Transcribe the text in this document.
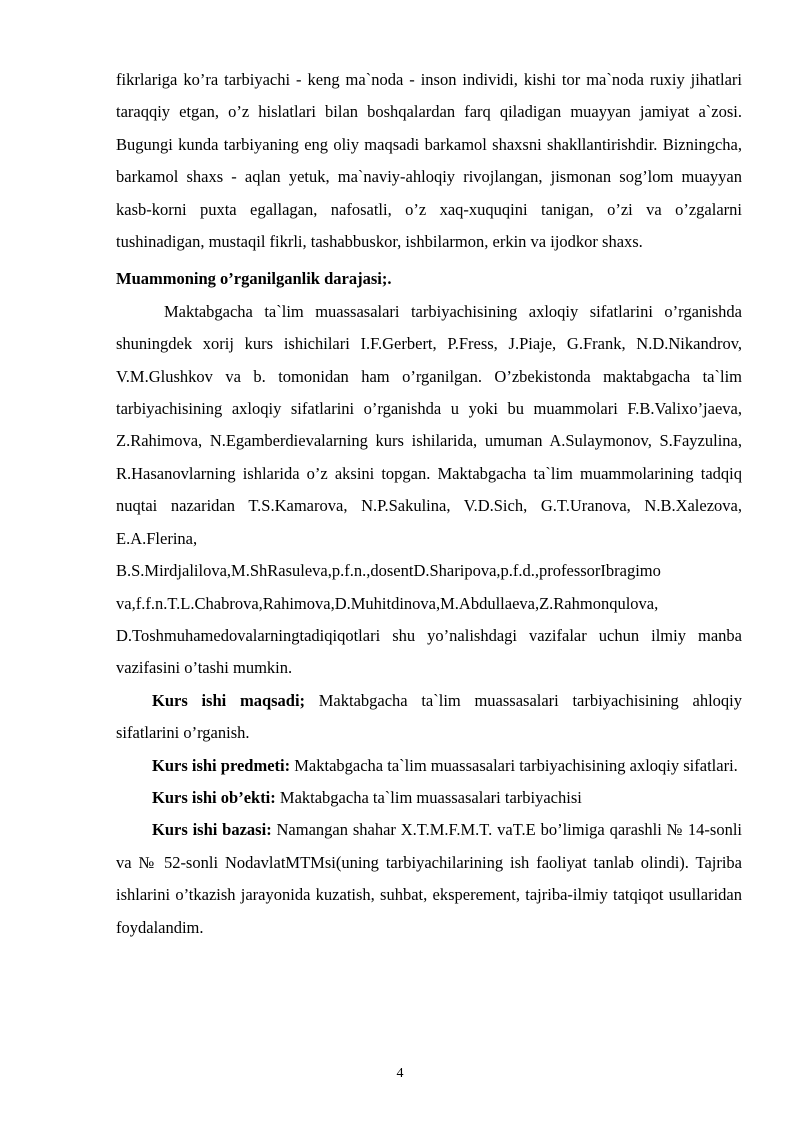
fikrlariga ko’ra tarbiyachi - keng ma`noda - inson individi, kishi tor ma`noda ruxiy jihatlari taraqqiy etgan, o’z hislatlari bilan boshqalardan farq qiladigan muayyan jamiyat a`zosi. Bugungi kunda tarbiyaning eng oliy maqsadi barkamol shaxsni shakllantirishdir. Bizningcha, barkamol shaxs - aqlan yetuk, ma`naviy-ahloqiy rivojlangan, jismonan sog’lom muayyan kasb-korni puxta egallagan, nafosatli, o’z xaq-xuquqini tanigan, o’zi va o’zgalarni tushinadigan, mustaqil fikrli, tashabbuskor, ishbilarmon, erkin va ijodkor shaxs.

Muammoning o’rganilganlik darajasi;.

Maktabgacha ta`lim muassasalari tarbiyachisining axloqiy sifatlarini o’rganishda shuningdek xorij kurs ishichilari I.F.Gerbert, P.Fress, J.Piaje, G.Frank, N.D.Nikandrov, V.M.Glushkov va b. tomonidan ham o’rganilgan. O’zbekistonda maktabgacha ta`lim tarbiyachisining axloqiy sifatlarini o’rganishda u yoki bu muammolari F.B.Valixo’jaeva, Z.Rahimova, N.Egamberdievalarning kurs ishilarida, umuman A.Sulaymonov, S.Fayzulina, R.Hasanovlarning ishlarida o’z aksini topgan. Maktabgacha ta`lim muammolarining tadqiq nuqtai nazaridan T.S.Kamarova, N.P.Sakulina, V.D.Sich, G.T.Uranova, N.B.Xalezova, E.A.Flerina,

B.S.Mirdjalilova,M.ShRasuleva,p.f.n.,dosentD.Sharipova,p.f.d.,professorIbragimo

va,f.f.n.T.L.Chabrova,Rahimova,D.Muhitdinova,M.Abdullaeva,Z.Rahmonqulova,

D.Toshmuhamedovalarningtadiqiqotlari shu yo’nalishdagi vazifalar uchun ilmiy manba vazifasini o’tashi mumkin.

Kurs ishi maqsadi; Maktabgacha ta`lim muassasalari tarbiyachisining ahloqiy sifatlarini o’rganish.

Kurs ishi predmeti: Maktabgacha ta`lim muassasalari tarbiyachisining axloqiy sifatlari.

Kurs ishi ob’ekti: Maktabgacha ta`lim muassasalari tarbiyachisi

Kurs ishi bazasi: Namangan shahar X.T.M.F.M.T. vaT.E bo’limiga qarashli № 14-sonli va № 52-sonli NodavlatMTMsi(uning tarbiyachilarining ish faoliyat tanlab olindi). Tajriba ishlarini o’tkazish jarayonida kuzatish, suhbat, eksperement, tajriba-ilmiy tatqiqot usullaridan foydalandim.

4
